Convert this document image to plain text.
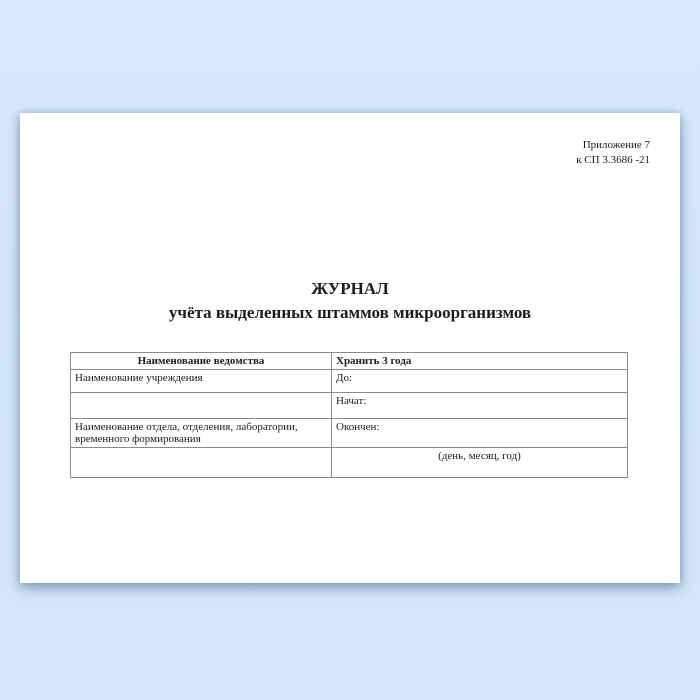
Приложение 7
к СП 3.3686 -21
ЖУРНАЛ
учёта выделенных штаммов микроорганизмов
Наименование ведомства	Хранить 3 года
Наименование учреждения	До:
	Начат:
Наименование отдела, отделения, лаборатории, временного формирования	Окончен:
	(день, месяц, год)
